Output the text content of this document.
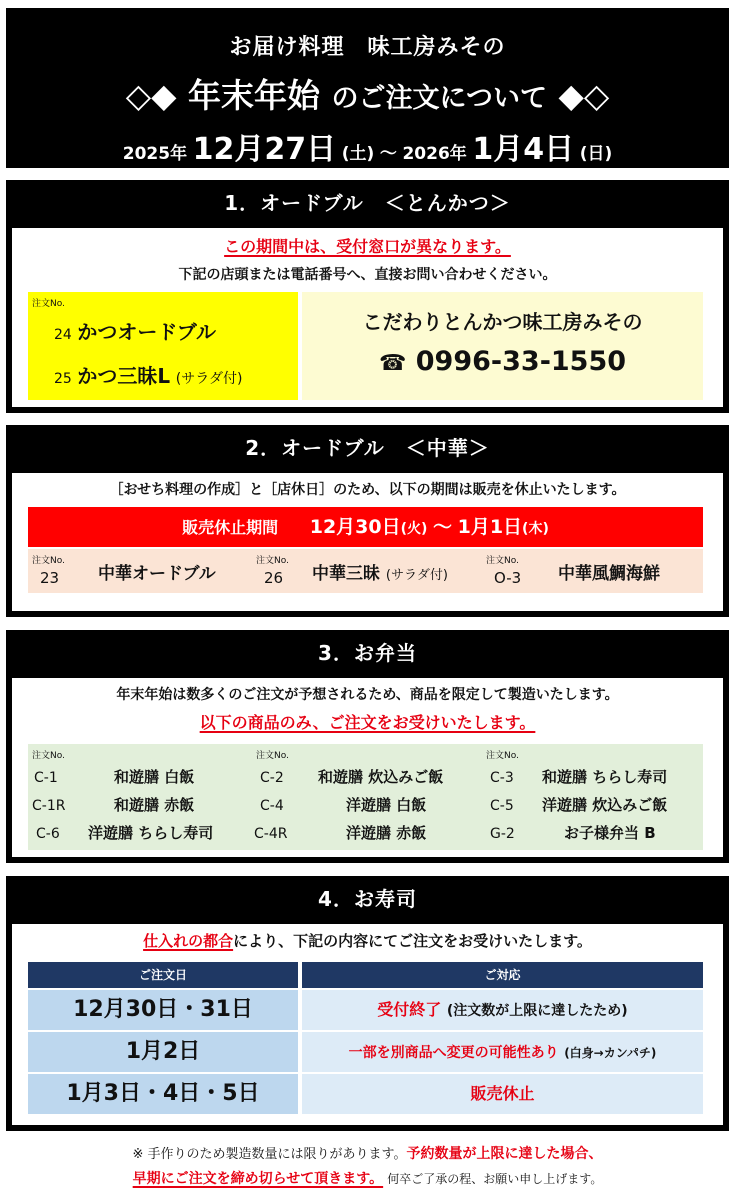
お届け料理　味工房みその
◇◆ 年末年始 のご注文について ◆◇
2025年 12月27日 (土) 〜 2026年 1月4日 (日)
1．オードブル　＜とんかつ＞
この期間中は、受付窓口が異なります。
下記の店頭または電話番号へ、直接お問い合わせください。
注文No.
24 かつオードブル
25 かつ三昧L (サラダ付)
こだわりとんかつ味工房みその
☎ 0996-33-1550
2．オードブル　＜中華＞
［おせち料理の作成］と［店休日］のため、以下の期間は販売を休止いたします。
販売休止期間 12月30日(火) 〜 1月1日(木)
注文No.
23 中華オードブル
注文No.
26 中華三昧 (サラダ付)
注文No.
O-3 中華風鯛海鮮
3．お弁当
年末年始は数多くのご注文が予想されるため、商品を限定して製造いたします。
以下の商品のみ、ご注文をお受けいたします。
注文No.	注文No.	注文No.
C-1	和遊膳 白飯	C-2 和遊膳 炊込みご飯	C-3 和遊膳 ちらし寿司
C-1R	和遊膳 赤飯	C-4	洋遊膳 白飯	C-5 洋遊膳 炊込みご飯
C-6 洋遊膳 ちらし寿司	C-4R	洋遊膳 赤飯	G-2	お子様弁当 B
4．お寿司
仕入れの都合により、下記の内容にてご注文をお受けいたします。
ご注文日	ご対応
12月30日・31日	受付終了 (注文数が上限に達したため)
1月2日	一部を別商品へ変更の可能性あり (白身→カンパチ)
1月3日・4日・5日	販売休止
※ 手作りのため製造数量には限りがあります。予約数量が上限に達した場合、
早期にご注文を締め切らせて頂きます。 何卒ご了承の程、お願い申し上げます。
